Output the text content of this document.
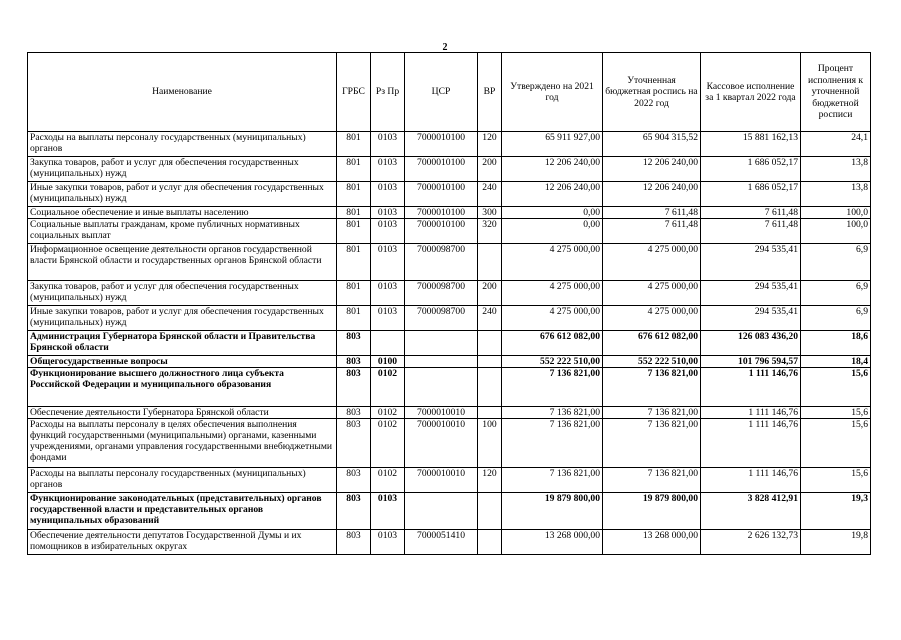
2
Наименование	ГРБС	Рз Пр	ЦСР	ВР	Утверждено на 2021 год	Уточненная бюджетная роспись на 2022 год	Кассовое исполнение за 1 квартал 2022 года	Процент исполнения к уточненной бюджетной росписи
Расходы на выплаты персоналу государственных (муниципальных) органов	801	0103	7000010100	120	65 911 927,00	65 904 315,52	15 881 162,13	24,1
Закупка товаров, работ и услуг для обеспечения государственных (муниципальных) нужд	801	0103	7000010100	200	12 206 240,00	12 206 240,00	1 686 052,17	13,8
Иные закупки товаров, работ и услуг для обеспечения государственных (муниципальных) нужд	801	0103	7000010100	240	12 206 240,00	12 206 240,00	1 686 052,17	13,8
Социальное обеспечение и иные выплаты населению	801	0103	7000010100	300	0,00	7 611,48	7 611,48	100,0
Социальные выплаты гражданам, кроме публичных нормативных социальных выплат	801	0103	7000010100	320	0,00	7 611,48	7 611,48	100,0
Информационное освещение деятельности органов государственной власти Брянской области и государственных органов Брянской области	801	0103	7000098700		4 275 000,00	4 275 000,00	294 535,41	6,9
Закупка товаров, работ и услуг для обеспечения государственных (муниципальных) нужд	801	0103	7000098700	200	4 275 000,00	4 275 000,00	294 535,41	6,9
Иные закупки товаров, работ и услуг для обеспечения государственных (муниципальных) нужд	801	0103	7000098700	240	4 275 000,00	4 275 000,00	294 535,41	6,9
Администрация Губернатора Брянской области и Правительства Брянской области	803				676 612 082,00	676 612 082,00	126 083 436,20	18,6
Общегосударственные вопросы	803	0100			552 222 510,00	552 222 510,00	101 796 594,57	18,4
Функционирование высшего должностного лица субъекта Российской Федерации и муниципального образования	803	0102			7 136 821,00	7 136 821,00	1 111 146,76	15,6
Обеспечение деятельности Губернатора Брянской области	803	0102	7000010010		7 136 821,00	7 136 821,00	1 111 146,76	15,6
Расходы на выплаты персоналу в целях обеспечения выполнения функций государственными (муниципальными) органами, казенными учреждениями, органами управления государственными внебюджетными фондами	803	0102	7000010010	100	7 136 821,00	7 136 821,00	1 111 146,76	15,6
Расходы на выплаты персоналу государственных (муниципальных) органов	803	0102	7000010010	120	7 136 821,00	7 136 821,00	1 111 146,76	15,6
Функционирование законодательных (представительных) органов государственной власти и представительных органов муниципальных образований	803	0103			19 879 800,00	19 879 800,00	3 828 412,91	19,3
Обеспечение деятельности депутатов Государственной Думы и их помощников в избирательных округах	803	0103	7000051410		13 268 000,00	13 268 000,00	2 626 132,73	19,8
